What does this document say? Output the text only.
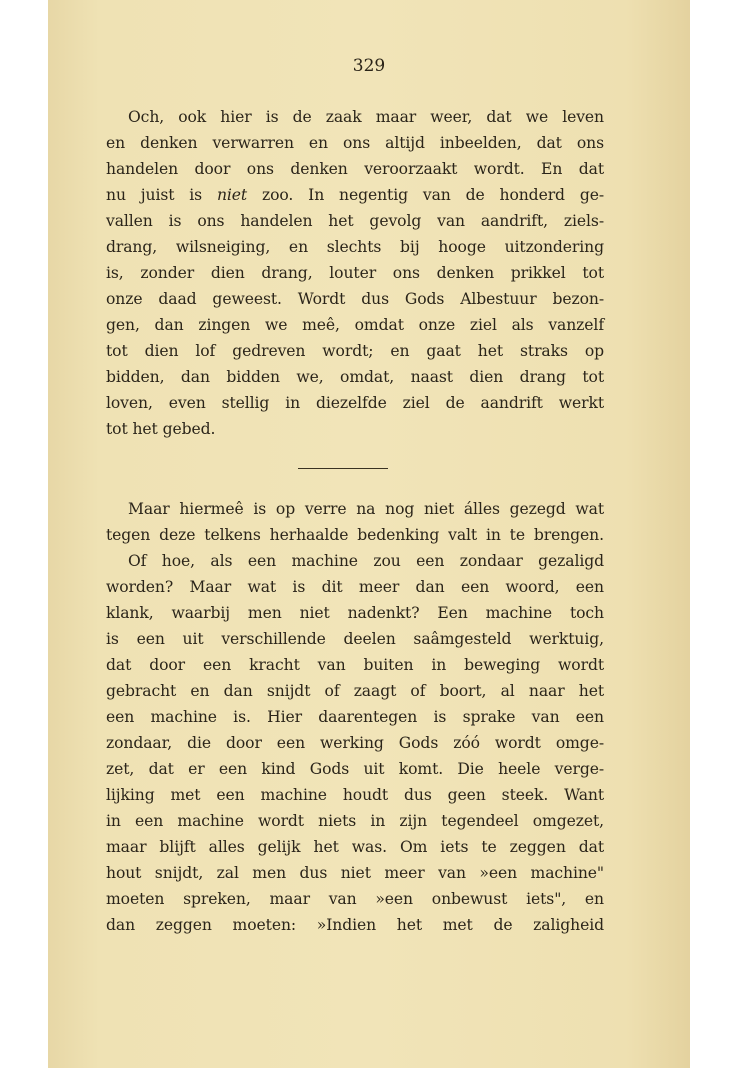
329
Och, ook hier is de zaak maar weer, dat we leven
en denken verwarren en ons altijd inbeelden, dat ons
handelen door ons denken veroorzaakt wordt. En dat
nu juist is niet zoo. In negentig van de honderd ge-
vallen is ons handelen het gevolg van aandrift, ziels-
drang, wilsneiging, en slechts bij hooge uitzondering
is, zonder dien drang, louter ons denken prikkel tot
onze daad geweest. Wordt dus Gods Albestuur bezon-
gen, dan zingen we meê, omdat onze ziel als vanzelf
tot dien lof gedreven wordt; en gaat het straks op
bidden, dan bidden we, omdat, naast dien drang tot
loven, even stellig in diezelfde ziel de aandrift werkt
tot het gebed.
Maar hiermeê is op verre na nog niet álles gezegd wat
tegen deze telkens herhaalde bedenking valt in te brengen.
Of hoe, als een machine zou een zondaar gezaligd
worden? Maar wat is dit meer dan een woord, een
klank, waarbij men niet nadenkt? Een machine toch
is een uit verschillende deelen saâmgesteld werktuig,
dat door een kracht van buiten in beweging wordt
gebracht en dan snijdt of zaagt of boort, al naar het
een machine is. Hier daarentegen is sprake van een
zondaar, die door een werking Gods zóó wordt omge-
zet, dat er een kind Gods uit komt. Die heele verge-
lijking met een machine houdt dus geen steek. Want
in een machine wordt niets in zijn tegendeel omgezet,
maar blijft alles gelijk het was. Om iets te zeggen dat
hout snijdt, zal men dus niet meer van »een machine"
moeten spreken, maar van »een onbewust iets", en
dan zeggen moeten: »Indien het met de zaligheid
